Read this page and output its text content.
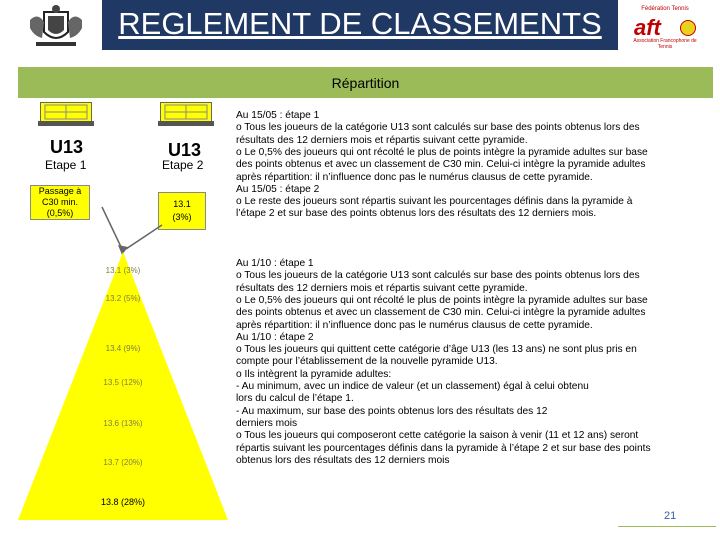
REGLEMENT DE CLASSEMENTS	Fédération Tennis
aft
Association Francophone de Tennis
Répartition
U13
Etape 1
Passage à
C30 min.
(0,5%)
U13
Etape 2
13.1
(3%)
13.1 (3%)
13.2 (5%)
13.4 (9%)
13.5 (12%)
13.6 (13%)
13.7 (20%)
13.8 (28%)
Au 15/05 : étape 1
o Tous les joueurs de la catégorie U13 sont calculés sur base des points obtenus lors des
résultats des 12 derniers mois et répartis suivant cette pyramide.
o Le 0,5% des joueurs qui ont récolté le plus de points intègre la pyramide adultes sur base
des points obtenus et avec un classement de C30 min. Celui-ci intègre la pyramide adultes
après répartition: il n’influence donc pas le numérus clausus de cette pyramide.
Au 15/05 : étape 2
o Le reste des joueurs sont répartis suivant les pourcentages définis dans la pyramide à
l’étape 2 et sur base des points obtenus lors des résultats des 12 derniers mois.
Au 1/10 : étape 1
o Tous les joueurs de la catégorie U13 sont calculés sur base des points obtenus lors des
résultats des 12 derniers mois et répartis suivant cette pyramide.
o Le 0,5% des joueurs qui ont récolté le plus de points intègre la pyramide adultes sur base
des points obtenus et avec un classement de C30 min. Celui-ci intègre la pyramide adultes
après répartition: il n’influence donc pas le numérus clausus de cette pyramide.
Au 1/10 : étape 2
o Tous les joueurs qui quittent cette catégorie d’âge U13 (les 13 ans) ne sont plus pris en
compte pour l’établissement de la nouvelle pyramide U13.
o Ils intègrent la pyramide adultes:
- Au minimum, avec un indice de valeur (et un classement) égal à celui obtenu
lors du calcul de l’étape 1.
- Au maximum, sur base des points obtenus lors des résultats des 12
derniers mois
o Tous les joueurs qui composeront cette catégorie la saison à venir (11 et 12 ans) seront
répartis suivant les pourcentages définis dans la pyramide à l’étape 2 et sur base des points
obtenus lors des résultats des 12 derniers mois
21
